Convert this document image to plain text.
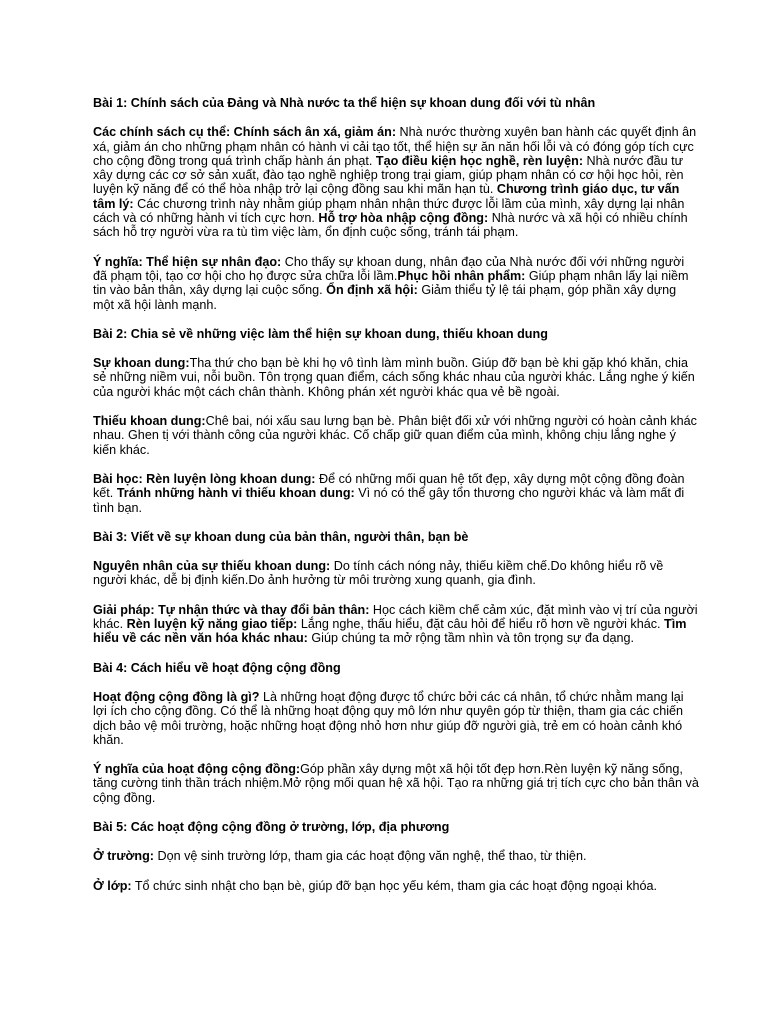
Bài 1: Chính sách của Đảng và Nhà nước ta thể hiện sự khoan dung đối với tù nhân
Các chính sách cụ thể: Chính sách ân xá, giảm án: Nhà nước thường xuyên ban hành các quyết định ân xá, giảm án cho những phạm nhân có hành vi cải tạo tốt, thể hiện sự ăn năn hối lỗi và có đóng góp tích cực cho cộng đồng trong quá trình chấp hành án phạt. Tạo điều kiện học nghề, rèn luyện: Nhà nước đầu tư xây dựng các cơ sở sản xuất, đào tạo nghề nghiệp trong trại giam, giúp phạm nhân có cơ hội học hỏi, rèn luyện kỹ năng để có thể hòa nhập trở lại cộng đồng sau khi mãn hạn tù. Chương trình giáo dục, tư vấn tâm lý: Các chương trình này nhằm giúp phạm nhân nhận thức được lỗi lầm của mình, xây dựng lại nhân cách và có những hành vi tích cực hơn. Hỗ trợ hòa nhập cộng đồng: Nhà nước và xã hội có nhiều chính sách hỗ trợ người vừa ra tù tìm việc làm, ổn định cuộc sống, tránh tái phạm.
Ý nghĩa: Thể hiện sự nhân đạo: Cho thấy sự khoan dung, nhân đạo của Nhà nước đối với những người đã phạm tội, tạo cơ hội cho họ được sửa chữa lỗi lầm.Phục hồi nhân phẩm: Giúp phạm nhân lấy lại niềm tin vào bản thân, xây dựng lại cuộc sống. Ổn định xã hội: Giảm thiểu tỷ lệ tái phạm, góp phần xây dựng một xã hội lành mạnh.
Bài 2: Chia sẻ về những việc làm thể hiện sự khoan dung, thiếu khoan dung
Sự khoan dung:Tha thứ cho bạn bè khi họ vô tình làm mình buồn. Giúp đỡ bạn bè khi gặp khó khăn, chia sẻ những niềm vui, nỗi buồn. Tôn trọng quan điểm, cách sống khác nhau của người khác. Lắng nghe ý kiến của người khác một cách chân thành. Không phán xét người khác qua vẻ bề ngoài.
Thiếu khoan dung:Chê bai, nói xấu sau lưng bạn bè. Phân biệt đối xử với những người có hoàn cảnh khác nhau. Ghen tị với thành công của người khác. Cố chấp giữ quan điểm của mình, không chịu lắng nghe ý kiến khác.
Bài học: Rèn luyện lòng khoan dung: Để có những mối quan hệ tốt đẹp, xây dựng một cộng đồng đoàn kết. Tránh những hành vi thiếu khoan dung: Vì nó có thể gây tổn thương cho người khác và làm mất đi tình bạn.
Bài 3: Viết về sự khoan dung của bản thân, người thân, bạn bè
Nguyên nhân của sự thiếu khoan dung: Do tính cách nóng nảy, thiếu kiềm chế.Do không hiểu rõ về người khác, dễ bị định kiến.Do ảnh hưởng từ môi trường xung quanh, gia đình.
Giải pháp: Tự nhận thức và thay đổi bản thân: Học cách kiềm chế cảm xúc, đặt mình vào vị trí của người khác. Rèn luyện kỹ năng giao tiếp: Lắng nghe, thấu hiểu, đặt câu hỏi để hiểu rõ hơn về người khác. Tìm hiểu về các nền văn hóa khác nhau: Giúp chúng ta mở rộng tầm nhìn và tôn trọng sự đa dạng.
Bài 4: Cách hiểu về hoạt động cộng đồng
Hoạt động cộng đồng là gì? Là những hoạt động được tổ chức bởi các cá nhân, tổ chức nhằm mang lại lợi ích cho cộng đồng. Có thể là những hoạt động quy mô lớn như quyên góp từ thiện, tham gia các chiến dịch bảo vệ môi trường, hoặc những hoạt động nhỏ hơn như giúp đỡ người già, trẻ em có hoàn cảnh khó khăn.
Ý nghĩa của hoạt động cộng đồng:Góp phần xây dựng một xã hội tốt đẹp hơn.Rèn luyện kỹ năng sống, tăng cường tinh thần trách nhiệm.Mở rộng mối quan hệ xã hội. Tạo ra những giá trị tích cực cho bản thân và cộng đồng.
Bài 5: Các hoạt động cộng đồng ở trường, lớp, địa phương
Ở trường: Dọn vệ sinh trường lớp, tham gia các hoạt động văn nghệ, thể thao, từ thiện.
Ở lớp: Tổ chức sinh nhật cho bạn bè, giúp đỡ bạn học yếu kém, tham gia các hoạt động ngoại khóa.
